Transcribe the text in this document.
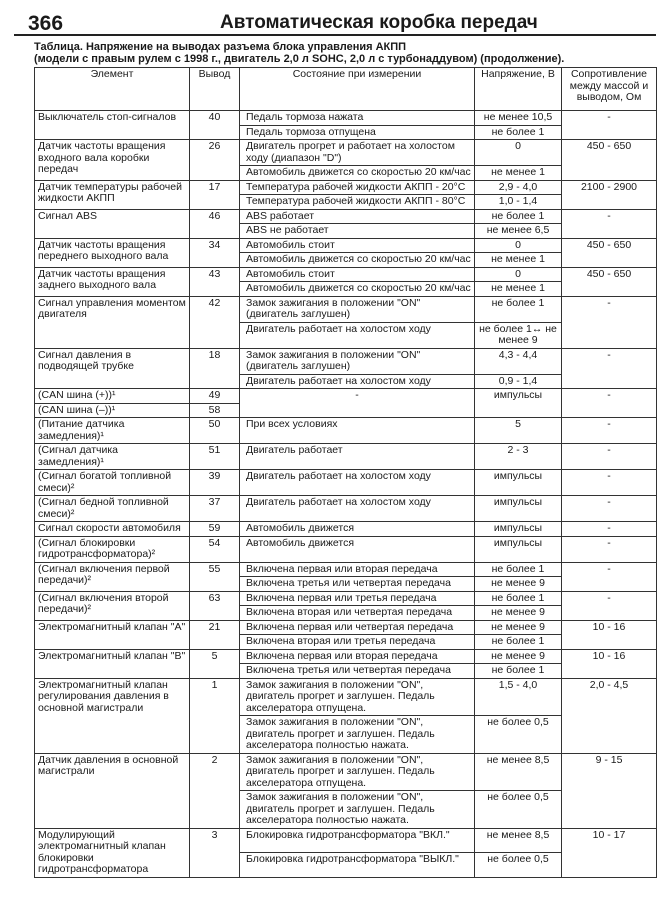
366	Автоматическая коробка передач
Таблица. Напряжение на выводах разъема блока управления АКПП
(модели с правым рулем с 1998 г., двигатель 2,0 л SOHC, 2,0 л с турбонаддувом) (продолжение).
Элемент	Вывод	Состояние при измерении	Напряжение, В	Сопротивление между массой и выводом, Ом
Выключатель стоп-сигналов	40	Педаль тормоза нажата	не менее 10,5	-
		Педаль тормоза отпущена	не более 1	
Датчик частоты вращения входного вала коробки передач	26	Двигатель прогрет и работает на холостом ходу (диапазон "D")	0	450 - 650
		Автомобиль движется со скоростью 20 км/час	не менее 1	
Датчик температуры рабочей жидкости АКПП	17	Температура рабочей жидкости АКПП - 20°C	2,9 - 4,0	2100 - 2900
		Температура рабочей жидкости АКПП - 80°C	1,0 - 1,4	
Сигнал ABS	46	ABS работает	не более 1	-
		ABS не работает	не менее 6,5	
Датчик частоты вращения переднего выходного вала	34	Автомобиль стоит	0	450 - 650
		Автомобиль движется со скоростью 20 км/час	не менее 1	
Датчик частоты вращения заднего выходного вала	43	Автомобиль стоит	0	450 - 650
		Автомобиль движется со скоростью 20 км/час	не менее 1	
Сигнал управления моментом двигателя	42	Замок зажигания в положении "ON" (двигатель заглушен)	не более 1	-
		Двигатель работает на холостом ходу	не более 1↔ не менее 9	
Сигнал давления в подводящей трубке	18	Замок зажигания в положении "ON" (двигатель заглушен)	4,3 - 4,4	-
		Двигатель работает на холостом ходу	0,9 - 1,4	
(CAN шина (+))¹	49	-	импульсы	-
(CAN шина (–))¹	58			
(Питание датчика замедления)¹	50	При всех условиях	5	-
(Сигнал датчика замедления)¹	51	Двигатель работает	2 - 3	-
(Сигнал богатой топливной смеси)²	39	Двигатель работает на холостом ходу	импульсы	-
(Сигнал бедной топливной смеси)²	37	Двигатель работает на холостом ходу	импульсы	-
Сигнал скорости автомобиля	59	Автомобиль движется	импульсы	-
(Сигнал блокировки гидротрансформатора)²	54	Автомобиль движется	импульсы	-
(Сигнал включения первой передачи)²	55	Включена первая или вторая передача	не более 1	-
		Включена третья или четвертая передача	не менее 9	
(Сигнал включения второй передачи)²	63	Включена первая или третья передача	не более 1	-
		Включена вторая или четвертая передача	не менее 9	
Электромагнитный клапан "A"	21	Включена первая или четвертая передача	не менее 9	10 - 16
		Включена вторая или третья передача	не более 1	
Электромагнитный клапан "B"	5	Включена первая или вторая передача	не менее 9	10 - 16
		Включена третья или четвертая передача	не более 1	
Электромагнитный клапан регулирования давления в основной магистрали	1	Замок зажигания в положении "ON", двигатель прогрет и заглушен. Педаль акселератора отпущена.	1,5 - 4,0	2,0 - 4,5
		Замок зажигания в положении "ON", двигатель прогрет и заглушен. Педаль акселератора полностью нажата.	не более 0,5	
Датчик давления в основной магистрали	2	Замок зажигания в положении "ON", двигатель прогрет и заглушен. Педаль акселератора отпущена.	не менее 8,5	9 - 15
		Замок зажигания в положении "ON", двигатель прогрет и заглушен. Педаль акселератора полностью нажата.	не более 0,5	
Модулирующий электромагнитный клапан блокировки гидротрансформатора	3	Блокировка гидротрансформатора "ВКЛ."	не менее 8,5	10 - 17
		Блокировка гидротрансформатора "ВЫКЛ."	не более 0,5	
